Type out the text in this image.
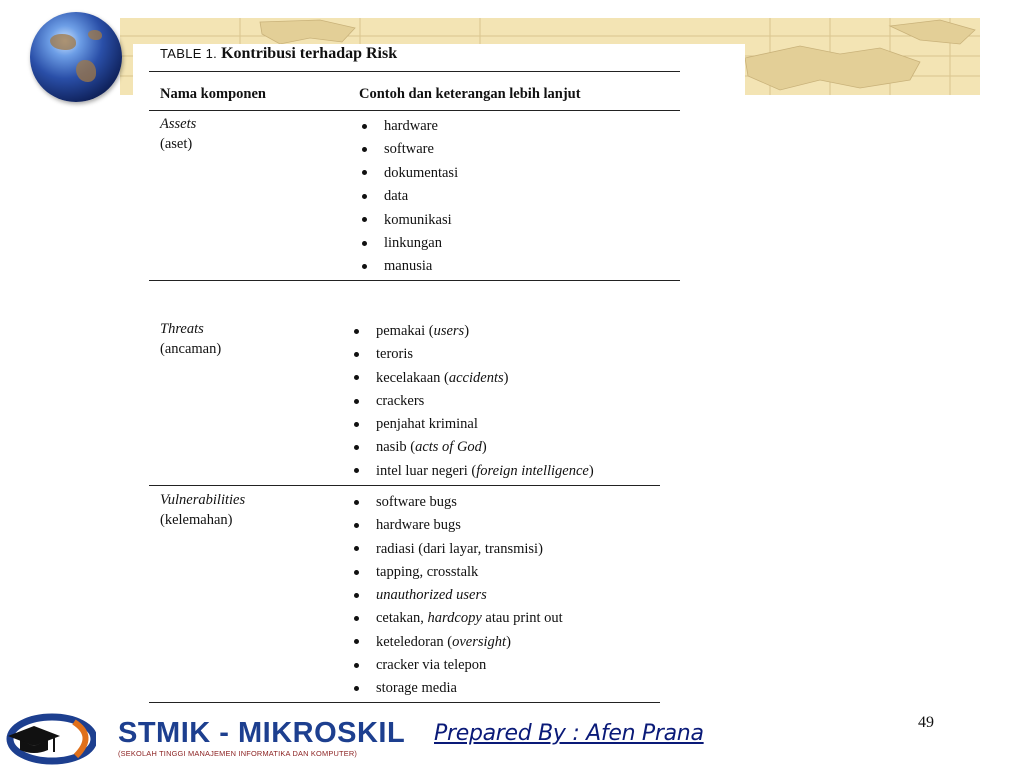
TABLE 1. Kontribusi terhadap Risk
Nama komponen	Contoh dan keterangan lebih lanjut
Assets
(aset)
hardware
software
dokumentasi
data
komunikasi
linkungan
manusia
Threats
(ancaman)
pemakai (users)
teroris
kecelakaan (accidents)
crackers
penjahat kriminal
nasib (acts of God)
intel luar negeri (foreign intelligence)
Vulnerabilities
(kelemahan)
software bugs
hardware bugs
radiasi (dari layar, transmisi)
tapping, crosstalk
unauthorized users
cetakan, hardcopy atau print out
keteledoran (oversight)
cracker via telepon
storage media
49
STMIK - MIKROSKIL
(SEKOLAH TINGGI MANAJEMEN INFORMATIKA DAN KOMPUTER)
Prepared By : Afen Prana
